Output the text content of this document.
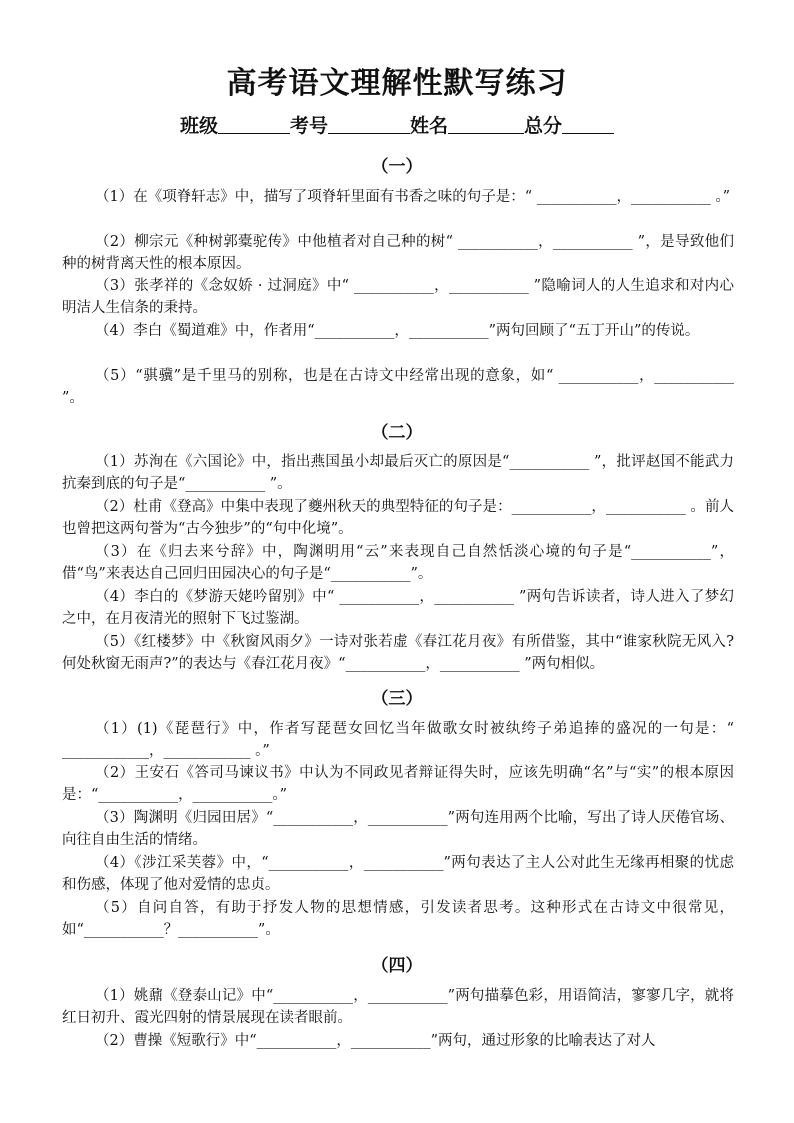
高考语文理解性默写练习
班级	考号	姓名	总分
（一）
（1）在《项脊轩志》中，描写了项脊轩里面有书香之味的句子是：“ ___________，___________ 。”
（2）柳宗元《种树郭橐驼传》中他植者对自己种的树“ ___________，___________ ”，是导致他们种的树背离天性的根本原因。
（3）张孝祥的《念奴娇 · 过洞庭》中“ ___________，___________ ”隐喻词人的人生追求和对内心明洁人生信条的秉持。
（4）李白《蜀道难》中，作者用“___________，___________”两句回顾了“五丁开山”的传说。
（5）“骐骥”是千里马的别称，也是在古诗文中经常出现的意象，如“ ___________，___________ ”。
（二）
（1）苏洵在《六国论》中，指出燕国虽小却最后灭亡的原因是“___________ ”，批评赵国不能武力抗秦到底的句子是“___________ ”。
（2）杜甫《登高》中集中表现了夔州秋天的典型特征的句子是：___________，___________ 。前人也曾把这两句誉为“古今独步”的“句中化境”。
（3）在《归去来兮辞》中，陶渊明用“云”来表现自己自然恬淡心境的句子是“___________”，借“鸟”来表达自己回归田园决心的句子是“___________”。
（4）李白的《梦游天姥吟留别》中“ ___________，___________ ”两句告诉读者，诗人进入了梦幻之中，在月夜清光的照射下飞过鉴湖。
（5）《红楼梦》中《秋窗风雨夕》一诗对张若虚《春江花月夜》有所借鉴，其中“谁家秋院无风入?何处秋窗无雨声?”的表达与《春江花月夜》“___________，___________ ”两句相似。
（三）
（1）(1)《琵琶行》中，作者写琵琶女回忆当年做歌女时被纨绔子弟追捧的盛况的一句是：“ ____________，____________ 。”
（2）王安石《答司马谏议书》中认为不同政见者辩证得失时，应该先明确“名”与“实”的根本原因是：“___________，___________。”
（3）陶渊明《归园田居》“___________，___________”两句连用两个比喻，写出了诗人厌倦官场、向往自由生活的情绪。
（4）《涉江采芙蓉》中，“___________，___________”两句表达了主人公对此生无缘再相聚的忧虑和伤感，体现了他对爱情的忠贞。
（5）自问自答，有助于抒发人物的思想情感，引发读者思考。这种形式在古诗文中很常见，如“___________？___________”。
（四）
（1）姚鼐《登泰山记》中“___________，___________”两句描摹色彩，用语简洁，寥寥几字，就将红日初升、霞光四射的情景展现在读者眼前。
（2）曹操《短歌行》中“___________，___________”两句，通过形象的比喻表达了对人
